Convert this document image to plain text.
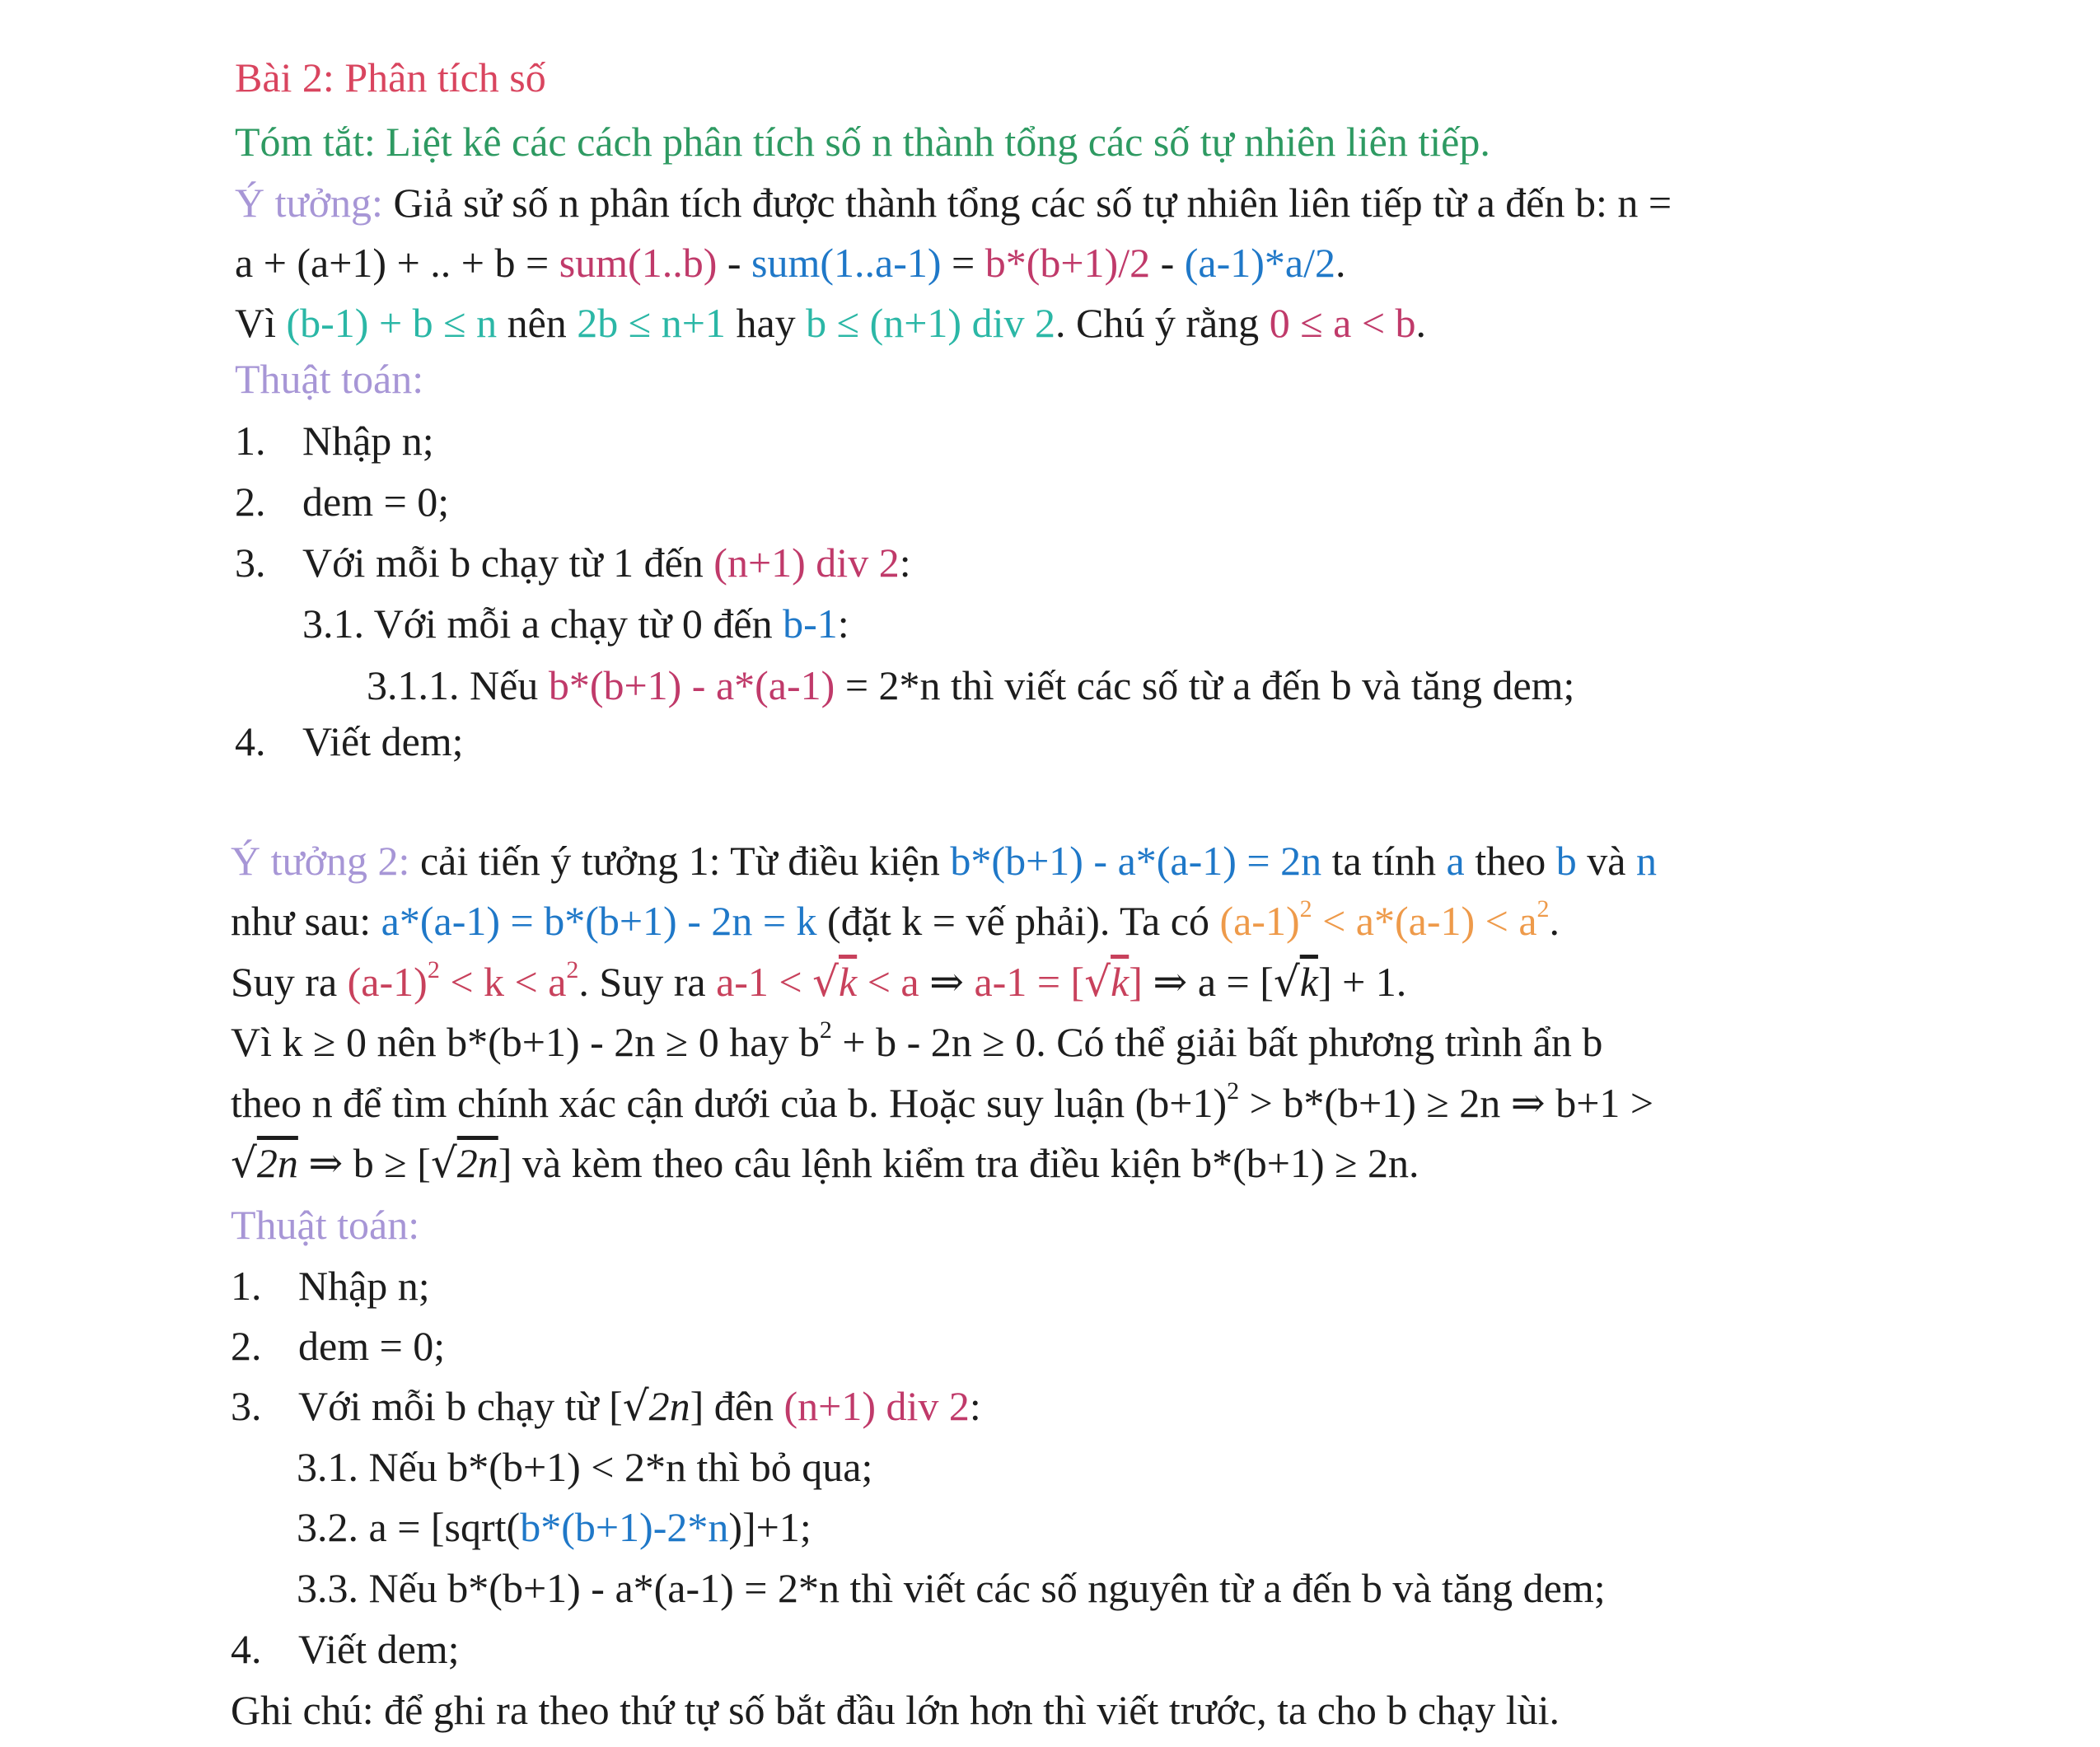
Bài 2: Phân tích số
Tóm tắt: Liệt kê các cách phân tích số n thành tổng các số tự nhiên liên tiếp.
Ý tưởng: Giả sử số n phân tích được thành tổng các số tự nhiên liên tiếp từ a đến b: n =
a + (a+1) + .. + b = sum(1..b) - sum(1..a-1) = b*(b+1)/2 - (a-1)*a/2.
Vì (b-1) + b ≤ n nên 2b ≤ n+1 hay b ≤ (n+1) div 2. Chú ý rằng 0 ≤ a < b.
Thuật toán:
1. Nhập n;
2. dem = 0;
3. Với mỗi b chạy từ 1 đến (n+1) div 2:
3.1. Với mỗi a chạy từ 0 đến b-1:
3.1.1. Nếu b*(b+1) - a*(a-1) = 2*n thì viết các số từ a đến b và tăng dem;
4. Viết dem;
Ý tưởng 2: cải tiến ý tưởng 1: Từ điều kiện b*(b+1) - a*(a-1) = 2n ta tính a theo b và n
như sau: a*(a-1) = b*(b+1) - 2n = k (đặt k = vế phải). Ta có $(a-1)^2 < a*(a-1) < a^2$.
Suy ra $(a-1)^2 < k < a^2$. Suy ra a-1 < √k < a ⇒ a-1 = [√k] ⇒ a = [√k] + 1.
Vì k ≥ 0 nên b*(b+1) - 2n ≥ 0 hay $b^2 + b - 2n \ge 0$. Có thể giải bất phương trình ẩn b
theo n để tìm chính xác cận dưới của b. Hoặc suy luận $(b+1)^2 > b*(b+1) \ge 2n$ ⇒ b+1 >
√2n ⇒ b ≥ [√2n] và kèm theo câu lệnh kiểm tra điều kiện b*(b+1) ≥ 2n.
Thuật toán:
1. Nhập n;
2. dem = 0;
3. Với mỗi b chạy từ [√2n] đên (n+1) div 2:
3.1. Nếu b*(b+1) < 2*n thì bỏ qua;
3.2. a = [sqrt(b*(b+1)-2*n)]+1;
3.3. Nếu b*(b+1) - a*(a-1) = 2*n thì viết các số nguyên từ a đến b và tăng dem;
4. Viết dem;
Ghi chú: để ghi ra theo thứ tự số bắt đầu lớn hơn thì viết trước, ta cho b chạy lùi.
